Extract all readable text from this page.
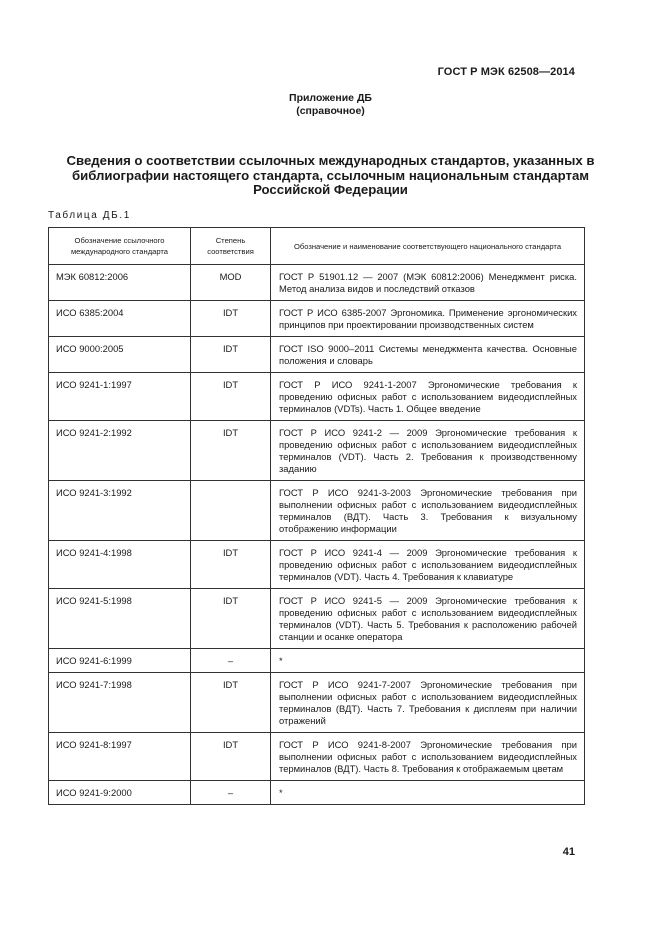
ГОСТ Р МЭК 62508—2014
Приложение ДБ
(справочное)
Сведения о соответствии ссылочных международных стандартов, указанных в библиографии настоящего стандарта, ссылочным национальным стандартам Российской Федерации
Таблица ДБ.1
Обозначение ссылочного международного стандарта	Степень соответствия	Обозначение и наименование соответствующего национального стандарта
МЭК 60812:2006	MOD	ГОСТ Р 51901.12 — 2007 (МЭК 60812:2006) Менеджмент риска. Метод анализа видов и последствий отказов
ИСО 6385:2004	IDT	ГОСТ Р ИСО 6385-2007 Эргономика. Применение эргономических принципов при проектировании производственных систем
ИСО 9000:2005	IDT	ГОСТ ISO 9000–2011 Системы менеджмента качества. Основные положения и словарь
ИСО 9241-1:1997	IDT	ГОСТ Р ИСО 9241-1-2007 Эргономические требования к проведению офисных работ с использованием видеодисплейных терминалов (VDTs). Часть 1. Общее введение
ИСО 9241-2:1992	IDT	ГОСТ Р ИСО 9241-2 — 2009 Эргономические требования к проведению офисных работ с использованием видеодисплейных терминалов (VDT). Часть 2. Требования к производственному заданию
ИСО 9241-3:1992		ГОСТ Р ИСО 9241-3-2003 Эргономические требования при выполнении офисных работ с использованием видеодисплейных терминалов (ВДТ). Часть 3. Требования к визуальному отображению информации
ИСО 9241-4:1998	IDT	ГОСТ Р ИСО 9241-4 — 2009 Эргономические требования к проведению офисных работ с использованием видеодисплейных терминалов (VDT). Часть 4. Требования к клавиатуре
ИСО 9241-5:1998	IDT	ГОСТ Р ИСО 9241-5 — 2009 Эргономические требования к проведению офисных работ с использованием видеодисплейных терминалов (VDT). Часть 5. Требования к расположению рабочей станции и осанке оператора
ИСО 9241-6:1999	–	*
ИСО 9241-7:1998	IDT	ГОСТ Р ИСО 9241-7-2007 Эргономические требования при выполнении офисных работ с использованием видеодисплейных терминалов (ВДТ). Часть 7. Требования к дисплеям при наличии отражений
ИСО 9241-8:1997	IDT	ГОСТ Р ИСО 9241-8-2007 Эргономические требования при выполнении офисных работ с использованием видеодисплейных терминалов (ВДТ). Часть 8. Требования к отображаемым цветам
ИСО 9241-9:2000	–	*
41
